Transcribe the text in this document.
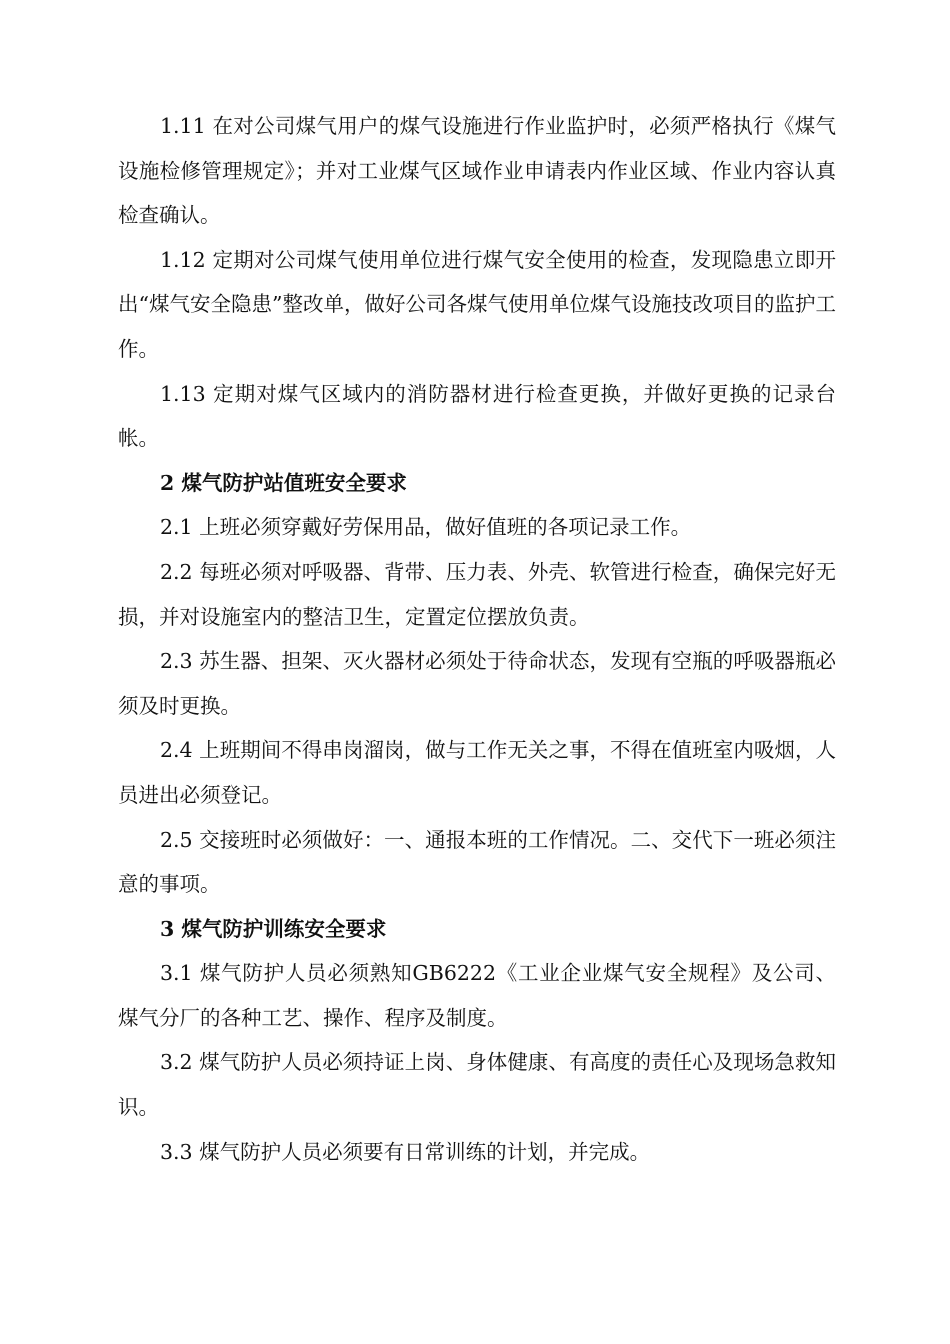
1.11 在对公司煤气用户的煤气设施进行作业监护时，必须严格执行《煤气设施检修管理规定》；并对工业煤气区域作业申请表内作业区域、作业内容认真检查确认。

1.12 定期对公司煤气使用单位进行煤气安全使用的检查，发现隐患立即开出“煤气安全隐患”整改单，做好公司各煤气使用单位煤气设施技改项目的监护工作。

1.13 定期对煤气区域内的消防器材进行检查更换，并做好更换的记录台帐。

2 煤气防护站值班安全要求

2.1 上班必须穿戴好劳保用品，做好值班的各项记录工作。

2.2 每班必须对呼吸器、背带、压力表、外壳、软管进行检查，确保完好无损，并对设施室内的整洁卫生，定置定位摆放负责。

2.3 苏生器、担架、灭火器材必须处于待命状态，发现有空瓶的呼吸器瓶必须及时更换。

2.4 上班期间不得串岗溜岗，做与工作无关之事，不得在值班室内吸烟，人员进出必须登记。

2.5 交接班时必须做好：一、通报本班的工作情况。二、交代下一班必须注意的事项。

3 煤气防护训练安全要求

3.1 煤气防护人员必须熟知GB6222《工业企业煤气安全规程》及公司、煤气分厂的各种工艺、操作、程序及制度。

3.2 煤气防护人员必须持证上岗、身体健康、有高度的责任心及现场急救知识。

3.3 煤气防护人员必须要有日常训练的计划，并完成。
